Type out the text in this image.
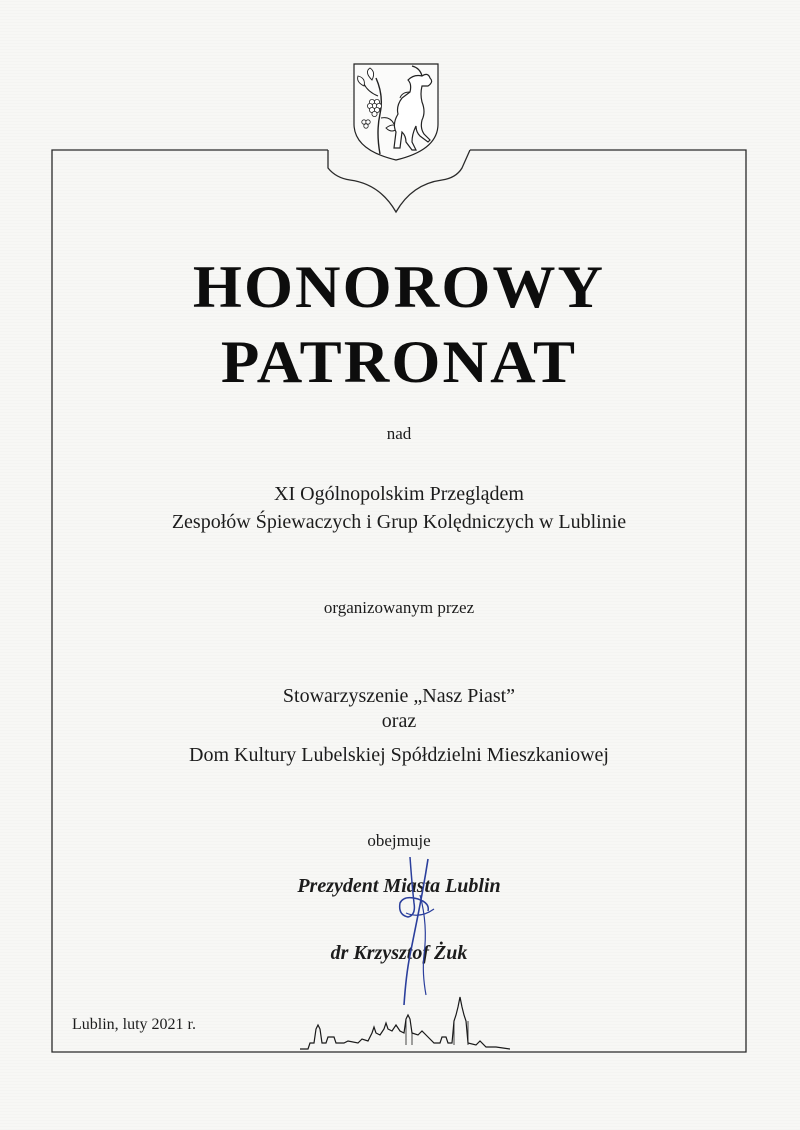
HONOROWY
PATRONAT
nad
XI Ogólnopolskim Przeglądem
Zespołów Śpiewaczych i Grup Kolędniczych w Lublinie
organizowanym przez
Stowarzyszenie „Nasz Piast”
oraz
Dom Kultury Lubelskiej Spółdzielni Mieszkaniowej
obejmuje
Prezydent Miasta Lublin
dr Krzysztof Żuk
Lublin, luty 2021 r.
